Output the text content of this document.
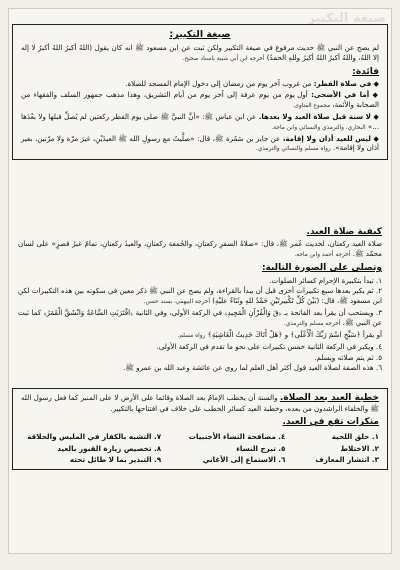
صيغة التكبير
صيغة التكبير:

لم يصح عن النبي ﷺ حديث مرفوع في صيغة التكبير ولكن ثبت عن ابن مسعود ﷺ انه كان يقول (اللهُ أكبرُ اللهُ أكبرُ لا إله إلا اللهُ، واللهُ أكبرُ اللهُ أكبرُ وللهِ الحمدُ) أخرجه ابن أبي شيبة باسناد صحيح.

فائدة:

◆ في صلاة الفطر: من غروب آخر يوم من رمضان إلى دخول الإمام المسجد للصلاة.

◆ أما في الأضحى: أول يوم من يوم عرفة إلى آخر يوم من أيام التشريق، وهذا مذهب جمهور السلف والفقهاء من الصحابة والأئمة، مجموع الفتاوى.

◆ لا سنة قبل صلاة العيد ولا بعدها. عن ابن عباس ﷺ: «أنَّ النبيَّ ﷺ صلى يوم الفطر ركعتين لم يُصلِّ قبلها ولا بعْدَها ...» البخاري، والترمذي والنسائي وابن ماجة.

◆ ليس للعيد أذان ولا إقامة، عن جابر بن سَمُرة ﷺ، قال: «صلَّيتُ مع رسولِ الله ﷺ العيدَيْنِ، غيرَ مرّة ولا مرّتين، بغير أذان ولا إقامة». رواه مسلم والنسائي والترمذي.

كيفية صلاة العيد.

صلاة العيد ركعتان، لحديث عُمر ﷺ، قال: «صلاةُ السفرِ ركعتانِ، والجُمعة ركعتانِ، والعيدُ ركعتانِ، تمامٌ غيرُ قصرٍ» على لسان محمّد ﷺ. أخرجه أحمد وابن ماجه.

وتصلى على الصورة التالية:

١. تبدأ بتكبيرة الإحرام كسائر الصلوات.

٢. ثم يكبر بعدها سبع تكبيرات أخرى قبل أن يبدأ بالقراءة، ولم يصح عن النبي ﷺ ذكر معين في سكوته بين هذه التكبيرات لكن ابن مسعود ﷺ، قال: (بَيْنَ كُلِّ تَكْبيرتَيْنِ حَمْدٌ للهِ وثَنَاءٌ عليْهِ) أخرجه البيهقي، بسند حسن.

٣. ويستحب أن يقرأ بعد الفاتحة بـ ﴿قٓ وَالْقُرْآنِ الْمَجِيدِ﴾ في الركعة الأولى، وفي الثانية ﴿اقْتَرَبَتِ السَّاعَةُ وَانْشَقَّ الْقَمَرُ﴾ كما ثبت عن النبي ﷺ، أخرجه مسلم والترمذي.

أو يقرأ ﴿سَبِّحِ اسْمَ رَبِّكَ الْأَعْلَى﴾ و ﴿هَلْ أَتَاكَ حَدِيثُ الْغَاشِيَةِ﴾ رواه مسلم.

٤. ويكبر في الركعة الثانية خمس تكبيرات على نحو ما تقدم في الركعة الأولى.

٥. ثم يتم صلاته ويسلم.

٦. هذه الصفة لصلاة العيد قول أكثر أهل العلم لما روي عن عائشة وعبد الله بن عمرو ﷺ.

خطبة العيد بعد الصلاة. والسنة أن يخطب الإمامُ بعد الصلاة وقائما على الأرض لا على المنبر كما فعل رسول الله ﷺ والخلفاء الراشدون من بعده، وخطبة العيد كسائر الخطب على خلاف في افتتاحها بالتكبير.

منكرات تقع في العيد.
١. حلق اللحية
٤. مصافحة النساء الأجنبيات
٧. التشبه بالكفار في الملبس والحلاقة
٢. الاختلاط
٥. تبرج النساء
٨. تخصيص زيارة القبور بالعيد
٣. انتشار المعازف
٦. الاستماع إلى الأغاني
٩. التبذير بما لا طائل تحته
